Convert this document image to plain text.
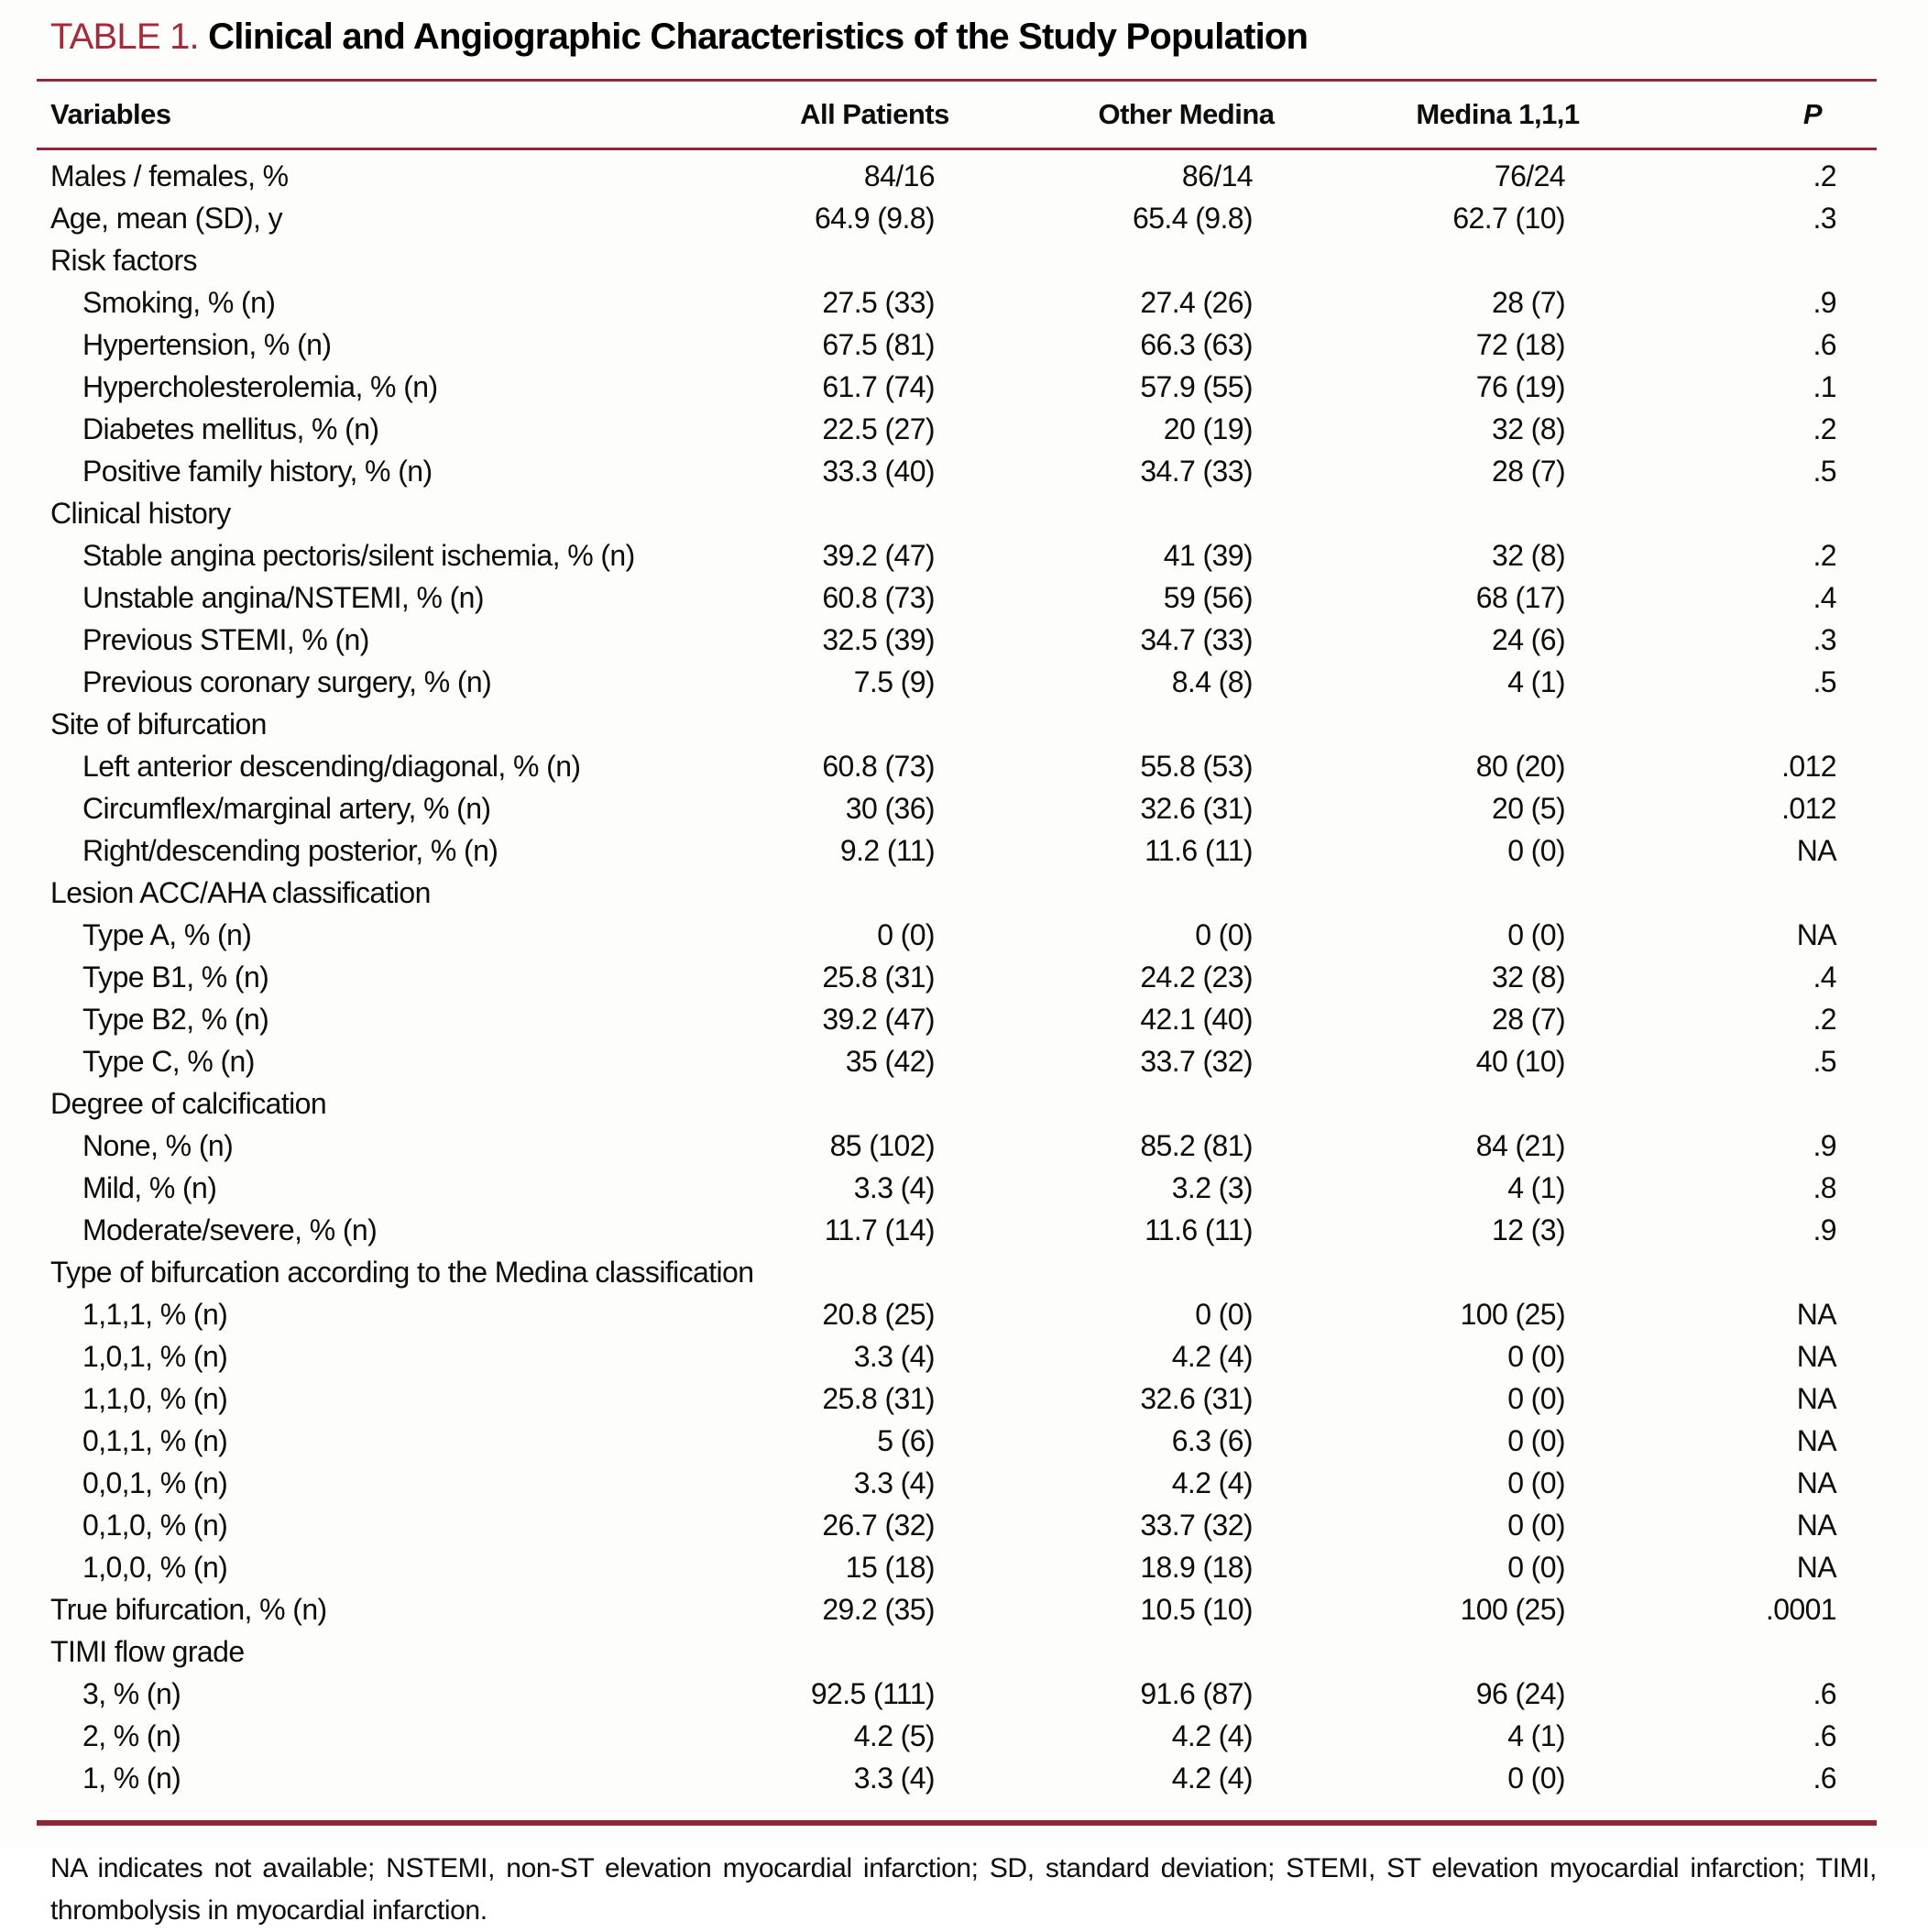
TABLE 1. Clinical and Angiographic Characteristics of the Study Population
Variables	All Patients	Other Medina	Medina 1,1,1	P
Males / females, %	84/16	86/14	76/24	.2
Age, mean (SD), y	64.9 (9.8)	65.4 (9.8)	62.7 (10)	.3
Risk factors				
Smoking, % (n)	27.5 (33)	27.4 (26)	28 (7)	.9
Hypertension, % (n)	67.5 (81)	66.3 (63)	72 (18)	.6
Hypercholesterolemia, % (n)	61.7 (74)	57.9 (55)	76 (19)	.1
Diabetes mellitus, % (n)	22.5 (27)	20 (19)	32 (8)	.2
Positive family history, % (n)	33.3 (40)	34.7 (33)	28 (7)	.5
Clinical history				
Stable angina pectoris/silent ischemia, % (n)	39.2 (47)	41 (39)	32 (8)	.2
Unstable angina/NSTEMI, % (n)	60.8 (73)	59 (56)	68 (17)	.4
Previous STEMI, % (n)	32.5 (39)	34.7 (33)	24 (6)	.3
Previous coronary surgery, % (n)	7.5 (9)	8.4 (8)	4 (1)	.5
Site of bifurcation				
Left anterior descending/diagonal, % (n)	60.8 (73)	55.8 (53)	80 (20)	.012
Circumflex/marginal artery, % (n)	30 (36)	32.6 (31)	20 (5)	.012
Right/descending posterior, % (n)	9.2 (11)	11.6 (11)	0 (0)	NA
Lesion ACC/AHA classification				
Type A, % (n)	0 (0)	0 (0)	0 (0)	NA
Type B1, % (n)	25.8 (31)	24.2 (23)	32 (8)	.4
Type B2, % (n)	39.2 (47)	42.1 (40)	28 (7)	.2
Type C, % (n)	35 (42)	33.7 (32)	40 (10)	.5
Degree of calcification				
None, % (n)	85 (102)	85.2 (81)	84 (21)	.9
Mild, % (n)	3.3 (4)	3.2 (3)	4 (1)	.8
Moderate/severe, % (n)	11.7 (14)	11.6 (11)	12 (3)	.9
Type of bifurcation according to the Medina classification				
1,1,1, % (n)	20.8 (25)	0 (0)	100 (25)	NA
1,0,1, % (n)	3.3 (4)	4.2 (4)	0 (0)	NA
1,1,0, % (n)	25.8 (31)	32.6 (31)	0 (0)	NA
0,1,1, % (n)	5 (6)	6.3 (6)	0 (0)	NA
0,0,1, % (n)	3.3 (4)	4.2 (4)	0 (0)	NA
0,1,0, % (n)	26.7 (32)	33.7 (32)	0 (0)	NA
1,0,0, % (n)	15 (18)	18.9 (18)	0 (0)	NA
True bifurcation, % (n)	29.2 (35)	10.5 (10)	100 (25)	.0001
TIMI flow grade				
3, % (n)	92.5 (111)	91.6 (87)	96 (24)	.6
2, % (n)	4.2 (5)	4.2 (4)	4 (1)	.6
1, % (n)	3.3 (4)	4.2 (4)	0 (0)	.6
NA indicates not available; NSTEMI, non-ST elevation myocardial infarction; SD, standard deviation; STEMI, ST elevation myocardial infarction; TIMI, thrombolysis in myocardial infarction.
